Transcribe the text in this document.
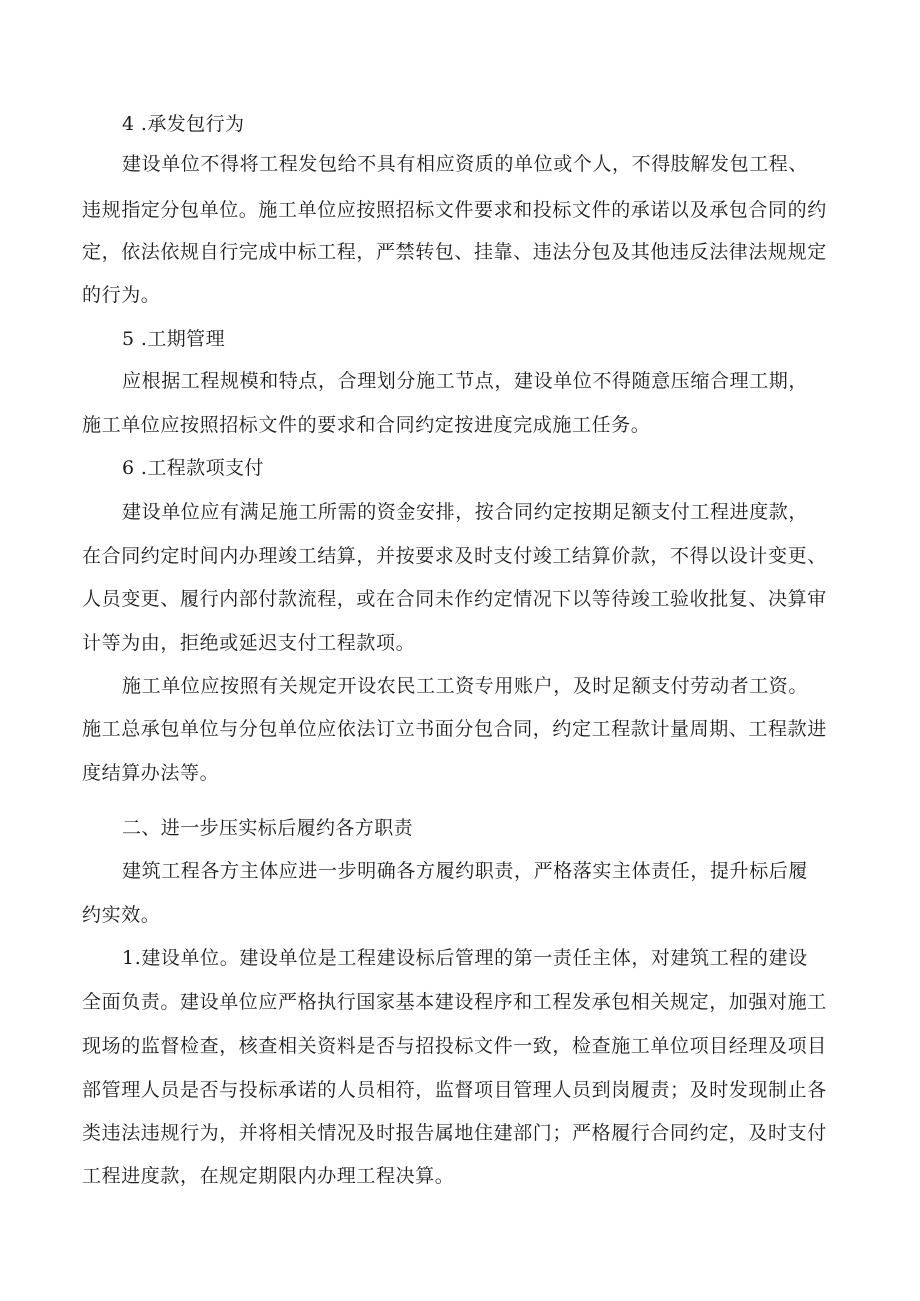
4 .承发包行为
建设单位不得将工程发包给不具有相应资质的单位或个人，不得肢解发包工程、
违规指定分包单位。施工单位应按照招标文件要求和投标文件的承诺以及承包合同的约
定，依法依规自行完成中标工程，严禁转包、挂靠、违法分包及其他违反法律法规规定
的行为。
5 .工期管理
应根据工程规模和特点，合理划分施工节点，建设单位不得随意压缩合理工期，
施工单位应按照招标文件的要求和合同约定按进度完成施工任务。
6 .工程款项支付
建设单位应有满足施工所需的资金安排，按合同约定按期足额支付工程进度款，
在合同约定时间内办理竣工结算，并按要求及时支付竣工结算价款，不得以设计变更、
人员变更、履行内部付款流程，或在合同未作约定情况下以等待竣工验收批复、决算审
计等为由，拒绝或延迟支付工程款项。
施工单位应按照有关规定开设农民工工资专用账户，及时足额支付劳动者工资。
施工总承包单位与分包单位应依法订立书面分包合同，约定工程款计量周期、工程款进
度结算办法等。
二、进一步压实标后履约各方职责
建筑工程各方主体应进一步明确各方履约职责，严格落实主体责任，提升标后履
约实效。
1.建设单位。建设单位是工程建设标后管理的第一责任主体，对建筑工程的建设
全面负责。建设单位应严格执行国家基本建设程序和工程发承包相关规定，加强对施工
现场的监督检查，核查相关资料是否与招投标文件一致，检查施工单位项目经理及项目
部管理人员是否与投标承诺的人员相符，监督项目管理人员到岗履责；及时发现制止各
类违法违规行为，并将相关情况及时报告属地住建部门；严格履行合同约定，及时支付
工程进度款，在规定期限内办理工程决算。
